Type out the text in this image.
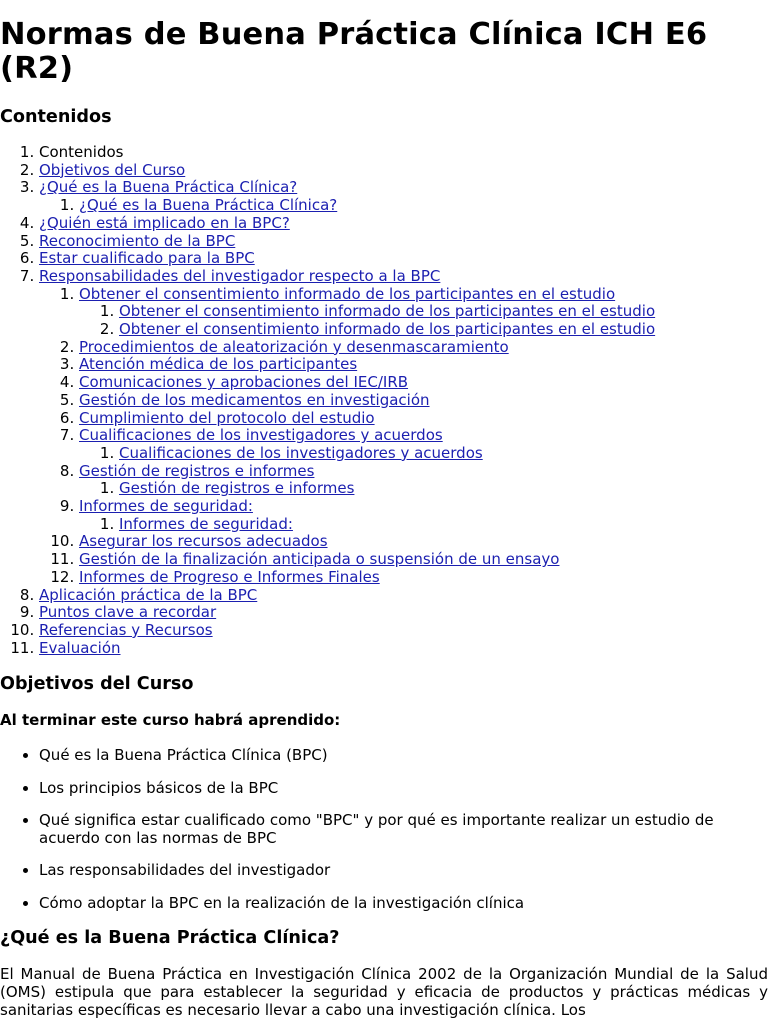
Normas de Buena Práctica Clínica ICH E6 (R2)
Contenidos
1. Contenidos
2. Objetivos del Curso
3. ¿Qué es la Buena Práctica Clínica?
1. ¿Qué es la Buena Práctica Clínica?
4. ¿Quién está implicado en la BPC?
5. Reconocimiento de la BPC
6. Estar cualificado para la BPC
7. Responsabilidades del investigador respecto a la BPC
1. Obtener el consentimiento informado de los participantes en el estudio
1. Obtener el consentimiento informado de los participantes en el estudio
2. Obtener el consentimiento informado de los participantes en el estudio
2. Procedimientos de aleatorización y desenmascaramiento
3. Atención médica de los participantes
4. Comunicaciones y aprobaciones del IEC/IRB
5. Gestión de los medicamentos en investigación
6. Cumplimiento del protocolo del estudio
7. Cualificaciones de los investigadores y acuerdos
1. Cualificaciones de los investigadores y acuerdos
8. Gestión de registros e informes
1. Gestión de registros e informes
9. Informes de seguridad:
1. Informes de seguridad:
10. Asegurar los recursos adecuados
11. Gestión de la finalización anticipada o suspensión de un ensayo
12. Informes de Progreso e Informes Finales
8. Aplicación práctica de la BPC
9. Puntos clave a recordar
10. Referencias y Recursos
11. Evaluación
Objetivos del Curso
Al terminar este curso habrá aprendido:
• Qué es la Buena Práctica Clínica (BPC)
• Los principios básicos de la BPC
• Qué significa estar cualificado como "BPC" y por qué es importante realizar un estudio de acuerdo con las normas de BPC
• Las responsabilidades del investigador
• Cómo adoptar la BPC en la realización de la investigación clínica
¿Qué es la Buena Práctica Clínica?

El Manual de Buena Práctica en Investigación Clínica 2002 de la Organización Mundial de la Salud (OMS) estipula que para establecer la seguridad y eficacia de productos y prácticas médicas y sanitarias específicas es necesario llevar a cabo una investigación clínica. Los
